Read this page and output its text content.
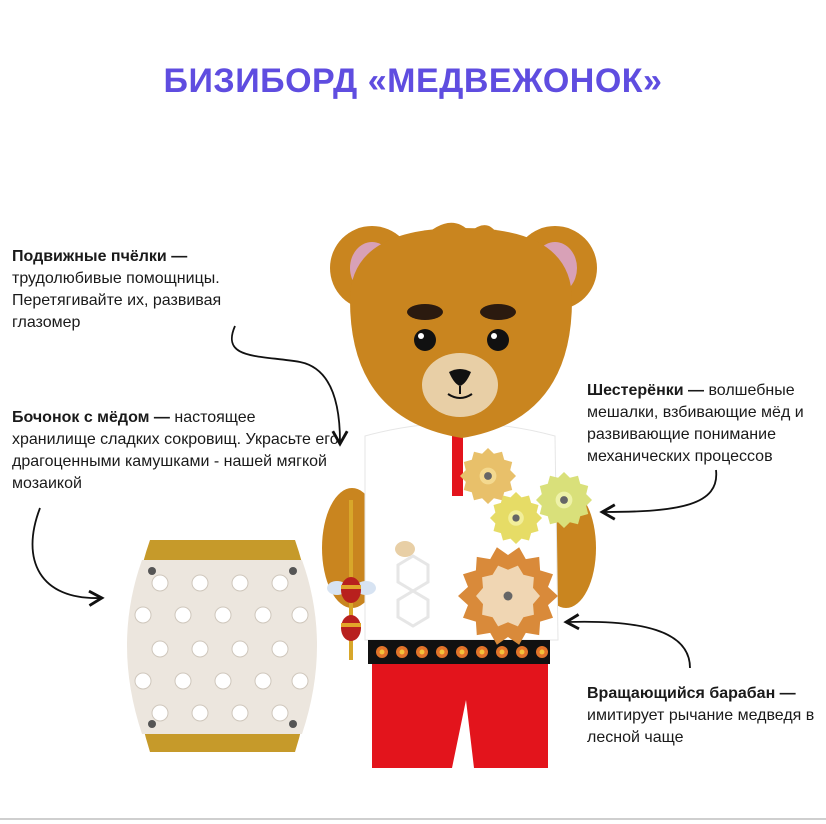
БИЗИБОРД «МЕДВЕЖОНОК»
Подвижные пчёлки — трудолюбивые помощницы. Перетягивайте их, развивая глазомер
Бочонок с мёдом — настоящее хранилище сладких сокровищ. Украсьте его драгоценными камушками - нашей мягкой мозаикой
Шестерёнки — волшебные мешалки, взбивающие мёд и развивающие понимание механических процессов
Вращающийся барабан — имитирует рычание медведя в лесной чаще
